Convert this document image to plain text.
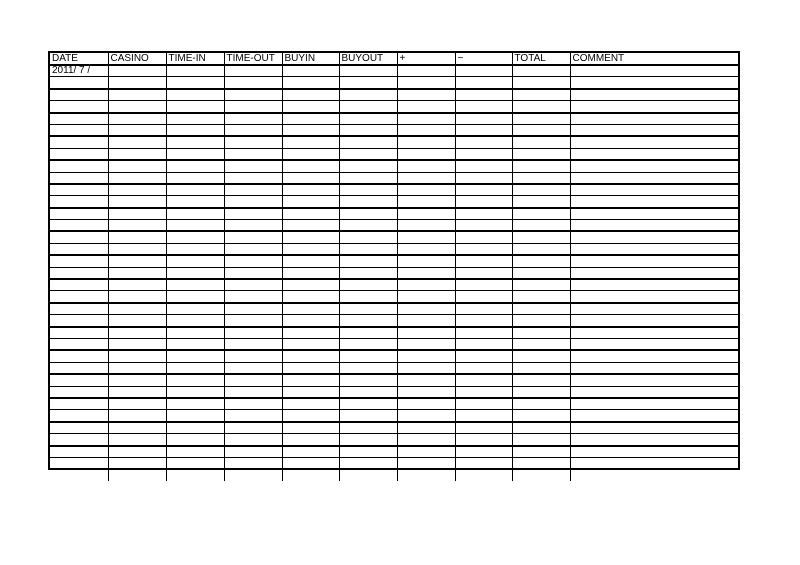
DATE	CASINO	TIME-IN	TIME-OUT	BUYIN	BUYOUT	+	−	TOTAL	COMMENT
2011/ 7 /									
